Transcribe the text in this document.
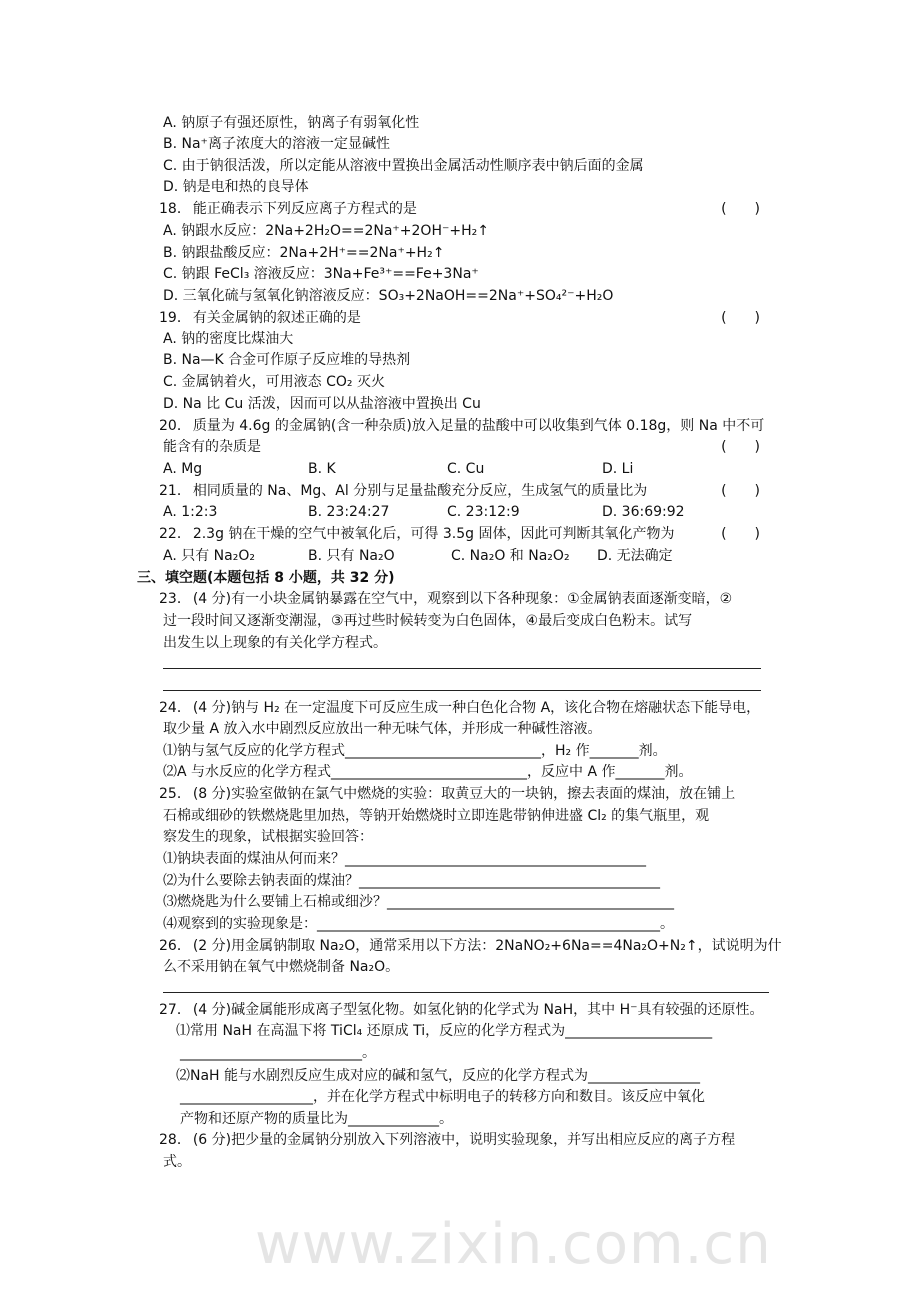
A. 钠原子有强还原性，钠离子有弱氧化性
B. Na⁺离子浓度大的溶液一定显碱性
C. 由于钠很活泼，所以定能从溶液中置换出金属活动性顺序表中钠后面的金属
D. 钠是电和热的良导体
18． 能正确表示下列反应离子方程式的是	(　　)
A. 钠跟水反应：2Na+2H₂O==2Na⁺+2OH⁻+H₂↑
B. 钠跟盐酸反应：2Na+2H⁺==2Na⁺+H₂↑
C. 钠跟 FeCl₃ 溶液反应：3Na+Fe³⁺==Fe+3Na⁺
D. 三氧化硫与氢氧化钠溶液反应：SO₃+2NaOH==2Na⁺+SO₄²⁻+H₂O
19． 有关金属钠的叙述正确的是	(　　)
A. 钠的密度比煤油大
B. Na—K 合金可作原子反应堆的导热剂
C. 金属钠着火，可用液态 CO₂ 灭火
D. Na 比 Cu 活泼，因而可以从盐溶液中置换出 Cu
20． 质量为 4.6g 的金属钠(含一种杂质)放入足量的盐酸中可以收集到气体 0.18g，则 Na 中不可
能含有的杂质是	(　　)
A. Mg	B. K	C. Cu	D. Li
21． 相同质量的 Na、Mg、Al 分别与足量盐酸充分反应，生成氢气的质量比为	(　　)
A. 1:2:3	B. 23:24:27	C. 23:12:9	D. 36:69:92
22． 2.3g 钠在干燥的空气中被氧化后，可得 3.5g 固体，因此可判断其氧化产物为	(　　)
A. 只有 Na₂O₂	B. 只有 Na₂O	C. Na₂O 和 Na₂O₂ D. 无法确定
三、填空题(本题包括 8 小题，共 32 分)
23． (4 分)有一小块金属钠暴露在空气中，观察到以下各种现象：①金属钠表面逐渐变暗，②
过一段时间又逐渐变潮湿，③再过些时候转变为白色固体，④最后变成白色粉末。试写
出发生以上现象的有关化学方程式。
24． (4 分)钠与 H₂ 在一定温度下可反应生成一种白色化合物 A，该化合物在熔融状态下能导电，
取少量 A 放入水中剧烈反应放出一种无味气体，并形成一种碱性溶液。
⑴钠与氢气反应的化学方程式____________________________，H₂ 作_______剂。
⑵A 与水反应的化学方程式____________________________，反应中 A 作_______剂。
25． (8 分)实验室做钠在氯气中燃烧的实验：取黄豆大的一块钠，擦去表面的煤油，放在铺上
石棉或细砂的铁燃烧匙里加热，等钠开始燃烧时立即连匙带钠伸进盛 Cl₂ 的集气瓶里，观
察发生的现象，试根据实验回答：
⑴钠块表面的煤油从何而来？___________________________________________
⑵为什么要除去钠表面的煤油？___________________________________________
⑶燃烧匙为什么要铺上石棉或细沙？_________________________________________
⑷观察到的实验现象是：_________________________________________________。
26． (2 分)用金属钠制取 Na₂O，通常采用以下方法：2NaNO₂+6Na==4Na₂O+N₂↑，试说明为什
么不采用钠在氧气中燃烧制备 Na₂O。
27． (4 分)碱金属能形成离子型氢化物。如氢化钠的化学式为 NaH，其中 H⁻具有较强的还原性。
⑴常用 NaH 在高温下将 TiCl₄ 还原成 Ti，反应的化学方程式为_____________________
__________________________。
⑵NaH 能与水剧烈反应生成对应的碱和氢气，反应的化学方程式为________________
___________________，并在化学方程式中标明电子的转移方向和数目。该反应中氧化
产物和还原产物的质量比为_____________。
28． (6 分)把少量的金属钠分别放入下列溶液中，说明实验现象，并写出相应反应的离子方程
式。
www.zixin.com.cn
